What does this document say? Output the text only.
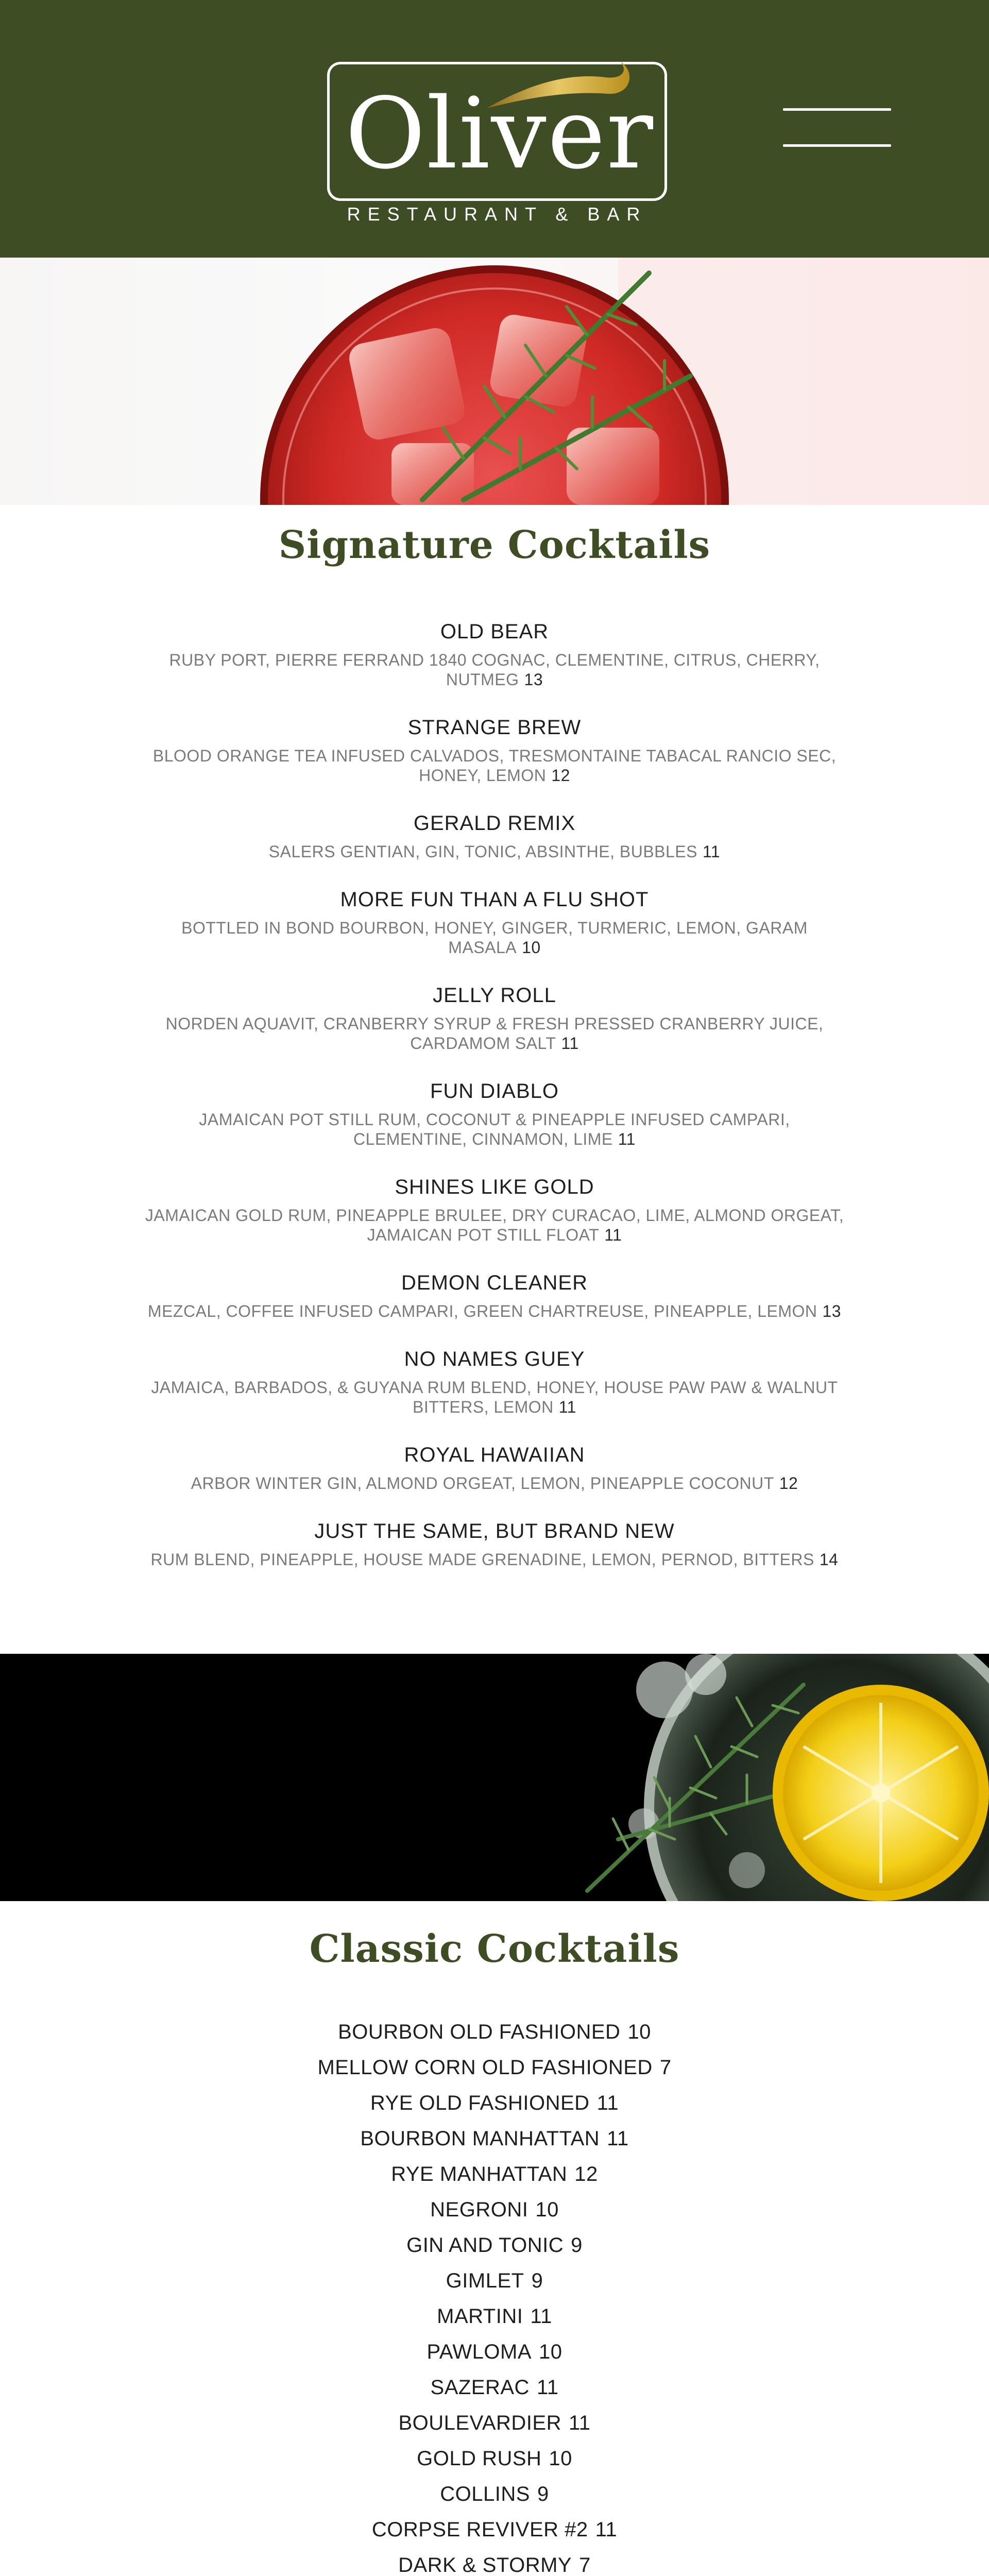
Oliver
RESTAURANT & BAR
Signature Cocktails
OLD BEAR
RUBY PORT, PIERRE FERRAND 1840 COGNAC, CLEMENTINE, CITRUS, CHERRY, NUTMEG 13
STRANGE BREW
BLOOD ORANGE TEA INFUSED CALVADOS, TRESMONTAINE TABACAL RANCIO SEC, HONEY, LEMON 12
GERALD REMIX
SALERS GENTIAN, GIN, TONIC, ABSINTHE, BUBBLES 11
MORE FUN THAN A FLU SHOT
BOTTLED IN BOND BOURBON, HONEY, GINGER, TURMERIC, LEMON, GARAM MASALA 10
JELLY ROLL
NORDEN AQUAVIT, CRANBERRY SYRUP & FRESH PRESSED CRANBERRY JUICE, CARDAMOM SALT 11
FUN DIABLO
JAMAICAN POT STILL RUM, COCONUT & PINEAPPLE INFUSED CAMPARI, CLEMENTINE, CINNAMON, LIME 11
SHINES LIKE GOLD
JAMAICAN GOLD RUM, PINEAPPLE BRULEE, DRY CURACAO, LIME, ALMOND ORGEAT, JAMAICAN POT STILL FLOAT 11
DEMON CLEANER
MEZCAL, COFFEE INFUSED CAMPARI, GREEN CHARTREUSE, PINEAPPLE, LEMON 13
NO NAMES GUEY
JAMAICA, BARBADOS, & GUYANA RUM BLEND, HONEY, HOUSE PAW PAW & WALNUT BITTERS, LEMON 11
ROYAL HAWAIIAN
ARBOR WINTER GIN, ALMOND ORGEAT, LEMON, PINEAPPLE COCONUT 12
JUST THE SAME, BUT BRAND NEW
RUM BLEND, PINEAPPLE, HOUSE MADE GRENADINE, LEMON, PERNOD, BITTERS 14
Classic Cocktails
BOURBON OLD FASHIONED 10
MELLOW CORN OLD FASHIONED 7
RYE OLD FASHIONED 11
BOURBON MANHATTAN 11
RYE MANHATTAN 12
NEGRONI 10
GIN AND TONIC 9
GIMLET 9
MARTINI 11
PAWLOMA 10
SAZERAC 11
BOULEVARDIER 11
GOLD RUSH 10
COLLINS 9
CORPSE REVIVER #2 11
DARK & STORMY 7
